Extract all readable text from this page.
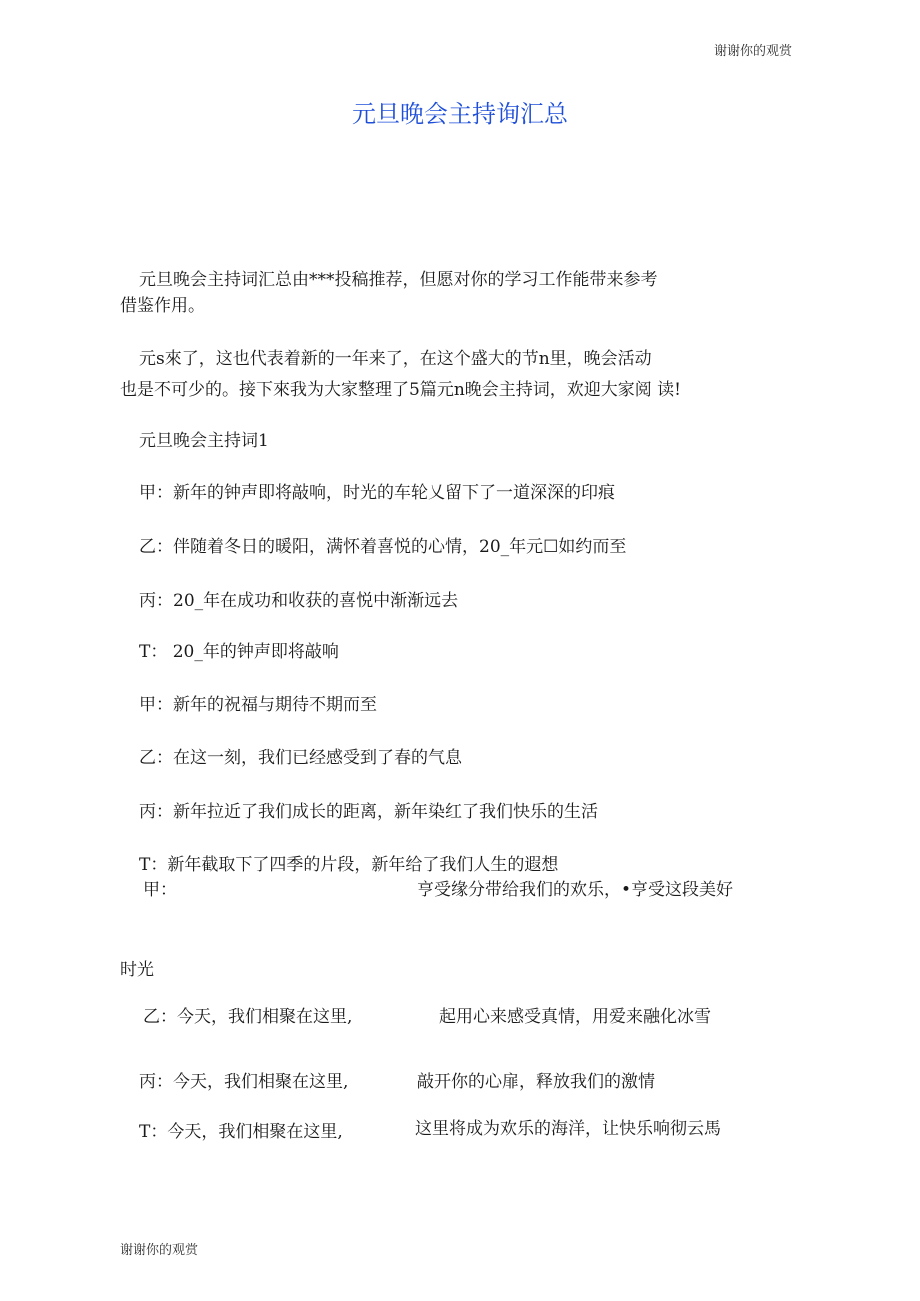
谢谢你的观赏
元旦晚会主持询汇总
元旦晚会主持词汇总由***投稿推荐，但愿对你的学习工作能带来参考
借鉴作用。
元s來了，这也代表着新的一年来了，在这个盛大的节n里，晚会活动
也是不可少的。接下來我为大家整理了5篇元n晚会主持词，欢迎大家阅 读!
元旦晚会主持词1
甲：新年的钟声即将敲响，时光的车轮乂留下了一道深深的印痕
乙：伴随着冬日的暖阳，满怀着喜悦的心情，20_年元☐如约而至
丙：20_年在成功和收获的喜悦中渐渐远去
T： 20_年的钟声即将敲响
甲：新年的祝福与期待不期而至
乙：在这一刻，我们已经感受到了春的气息
丙：新年拉近了我们成长的距离，新年染红了我们快乐的生活
T：新年截取下了四季的片段，新年给了我们人生的遐想
甲：	亨受缘分带给我们的欢乐，•亨受这段美好
时光
乙：今天，我们相聚在这里,	起用心来感受真情，用爱来融化冰雪
丙：今天，我们相聚在这里,	敲开你的心扉，释放我们的激情
T：今天，我们相聚在这里,	这里将成为欢乐的海洋，让快乐响彻云馬
谢谢你的观赏
